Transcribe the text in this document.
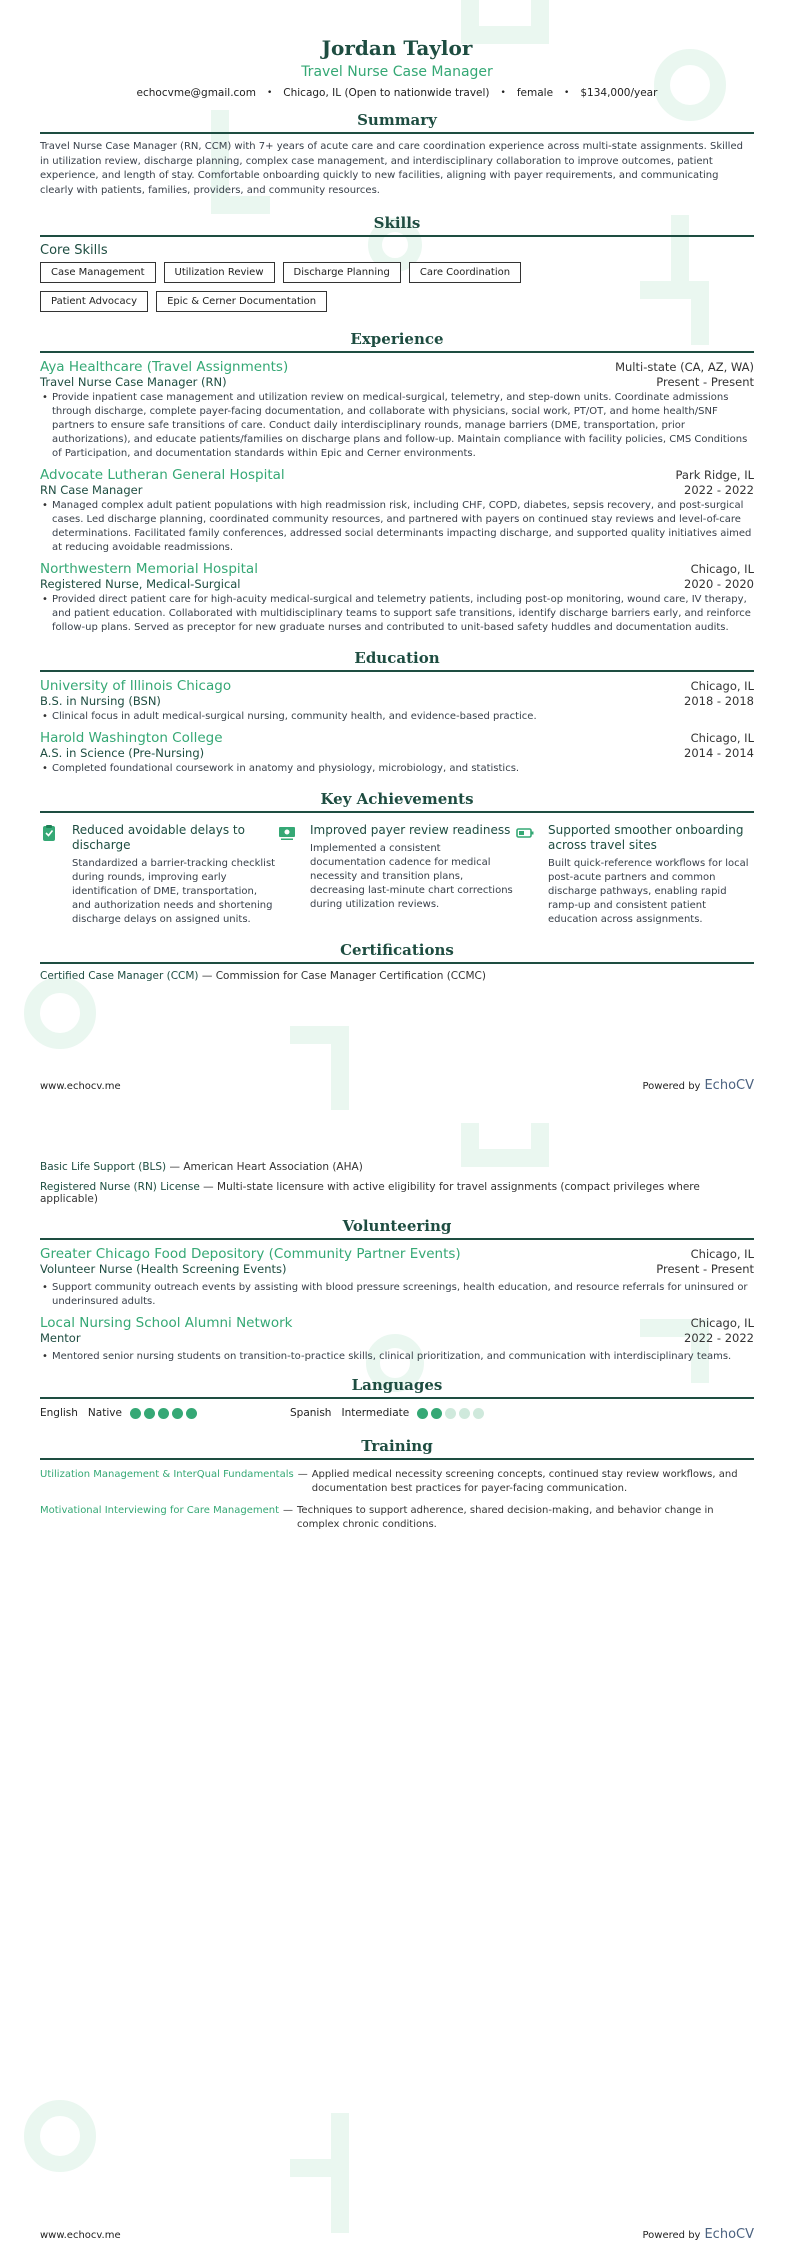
Jordan Taylor
Travel Nurse Case Manager
echocvme@gmail.com • Chicago, IL (Open to nationwide travel) • female • $134,000/year
Summary
Travel Nurse Case Manager (RN, CCM) with 7+ years of acute care and care coordination experience across multi-state assignments. Skilled in utilization review, discharge planning, complex case management, and interdisciplinary collaboration to improve outcomes, patient experience, and length of stay. Comfortable onboarding quickly to new facilities, aligning with payer requirements, and communicating clearly with patients, families, providers, and community resources.
Skills
Core Skills
Case Management	Utilization Review	Discharge Planning	Care Coordination
Patient Advocacy	Epic & Cerner Documentation
Experience
Aya Healthcare (Travel Assignments)	Multi-state (CA, AZ, WA)
Travel Nurse Case Manager (RN)	Present - Present
• Provide inpatient case management and utilization review on medical-surgical, telemetry, and step-down units. Coordinate admissions through discharge, complete payer-facing documentation, and collaborate with physicians, social work, PT/OT, and home health/SNF partners to ensure safe transitions of care. Conduct daily interdisciplinary rounds, manage barriers (DME, transportation, prior authorizations), and educate patients/families on discharge plans and follow-up. Maintain compliance with facility policies, CMS Conditions of Participation, and documentation standards within Epic and Cerner environments.
Advocate Lutheran General Hospital	Park Ridge, IL
RN Case Manager	2022 - 2022
• Managed complex adult patient populations with high readmission risk, including CHF, COPD, diabetes, sepsis recovery, and post-surgical cases. Led discharge planning, coordinated community resources, and partnered with payers on continued stay reviews and level-of-care determinations. Facilitated family conferences, addressed social determinants impacting discharge, and supported quality initiatives aimed at reducing avoidable readmissions.
Northwestern Memorial Hospital	Chicago, IL
Registered Nurse, Medical-Surgical	2020 - 2020
• Provided direct patient care for high-acuity medical-surgical and telemetry patients, including post-op monitoring, wound care, IV therapy, and patient education. Collaborated with multidisciplinary teams to support safe transitions, identify discharge barriers early, and reinforce follow-up plans. Served as preceptor for new graduate nurses and contributed to unit-based safety huddles and documentation audits.
Education
University of Illinois Chicago	Chicago, IL
B.S. in Nursing (BSN)	2018 - 2018
• Clinical focus in adult medical-surgical nursing, community health, and evidence-based practice.
Harold Washington College	Chicago, IL
A.S. in Science (Pre-Nursing)	2014 - 2014
• Completed foundational coursework in anatomy and physiology, microbiology, and statistics.
Key Achievements
Reduced avoidable delays to discharge
Standardized a barrier-tracking checklist during rounds, improving early identification of DME, transportation, and authorization needs and shortening discharge delays on assigned units.
Improved payer review readiness
Implemented a consistent documentation cadence for medical necessity and transition plans, decreasing last-minute chart corrections during utilization reviews.
Supported smoother onboarding across travel sites
Built quick-reference workflows for local post-acute partners and common discharge pathways, enabling rapid ramp-up and consistent patient education across assignments.
Certifications
Certified Case Manager (CCM) — Commission for Case Manager Certification (CCMC)
www.echocv.me	Powered by EchoCV
Basic Life Support (BLS) — American Heart Association (AHA)
Registered Nurse (RN) License — Multi-state licensure with active eligibility for travel assignments (compact privileges where applicable)
Volunteering
Greater Chicago Food Depository (Community Partner Events)	Chicago, IL
Volunteer Nurse (Health Screening Events)	Present - Present
• Support community outreach events by assisting with blood pressure screenings, health education, and resource referrals for uninsured or underinsured adults.
Local Nursing School Alumni Network	Chicago, IL
Mentor	2022 - 2022
• Mentored senior nursing students on transition-to-practice skills, clinical prioritization, and communication with interdisciplinary teams.
Languages
English Native	Spanish Intermediate
Training
Utilization Management & InterQual Fundamentals — Applied medical necessity screening concepts, continued stay review workflows, and documentation best practices for payer-facing communication.
Motivational Interviewing for Care Management — Techniques to support adherence, shared decision-making, and behavior change in complex chronic conditions.
www.echocv.me	Powered by EchoCV
